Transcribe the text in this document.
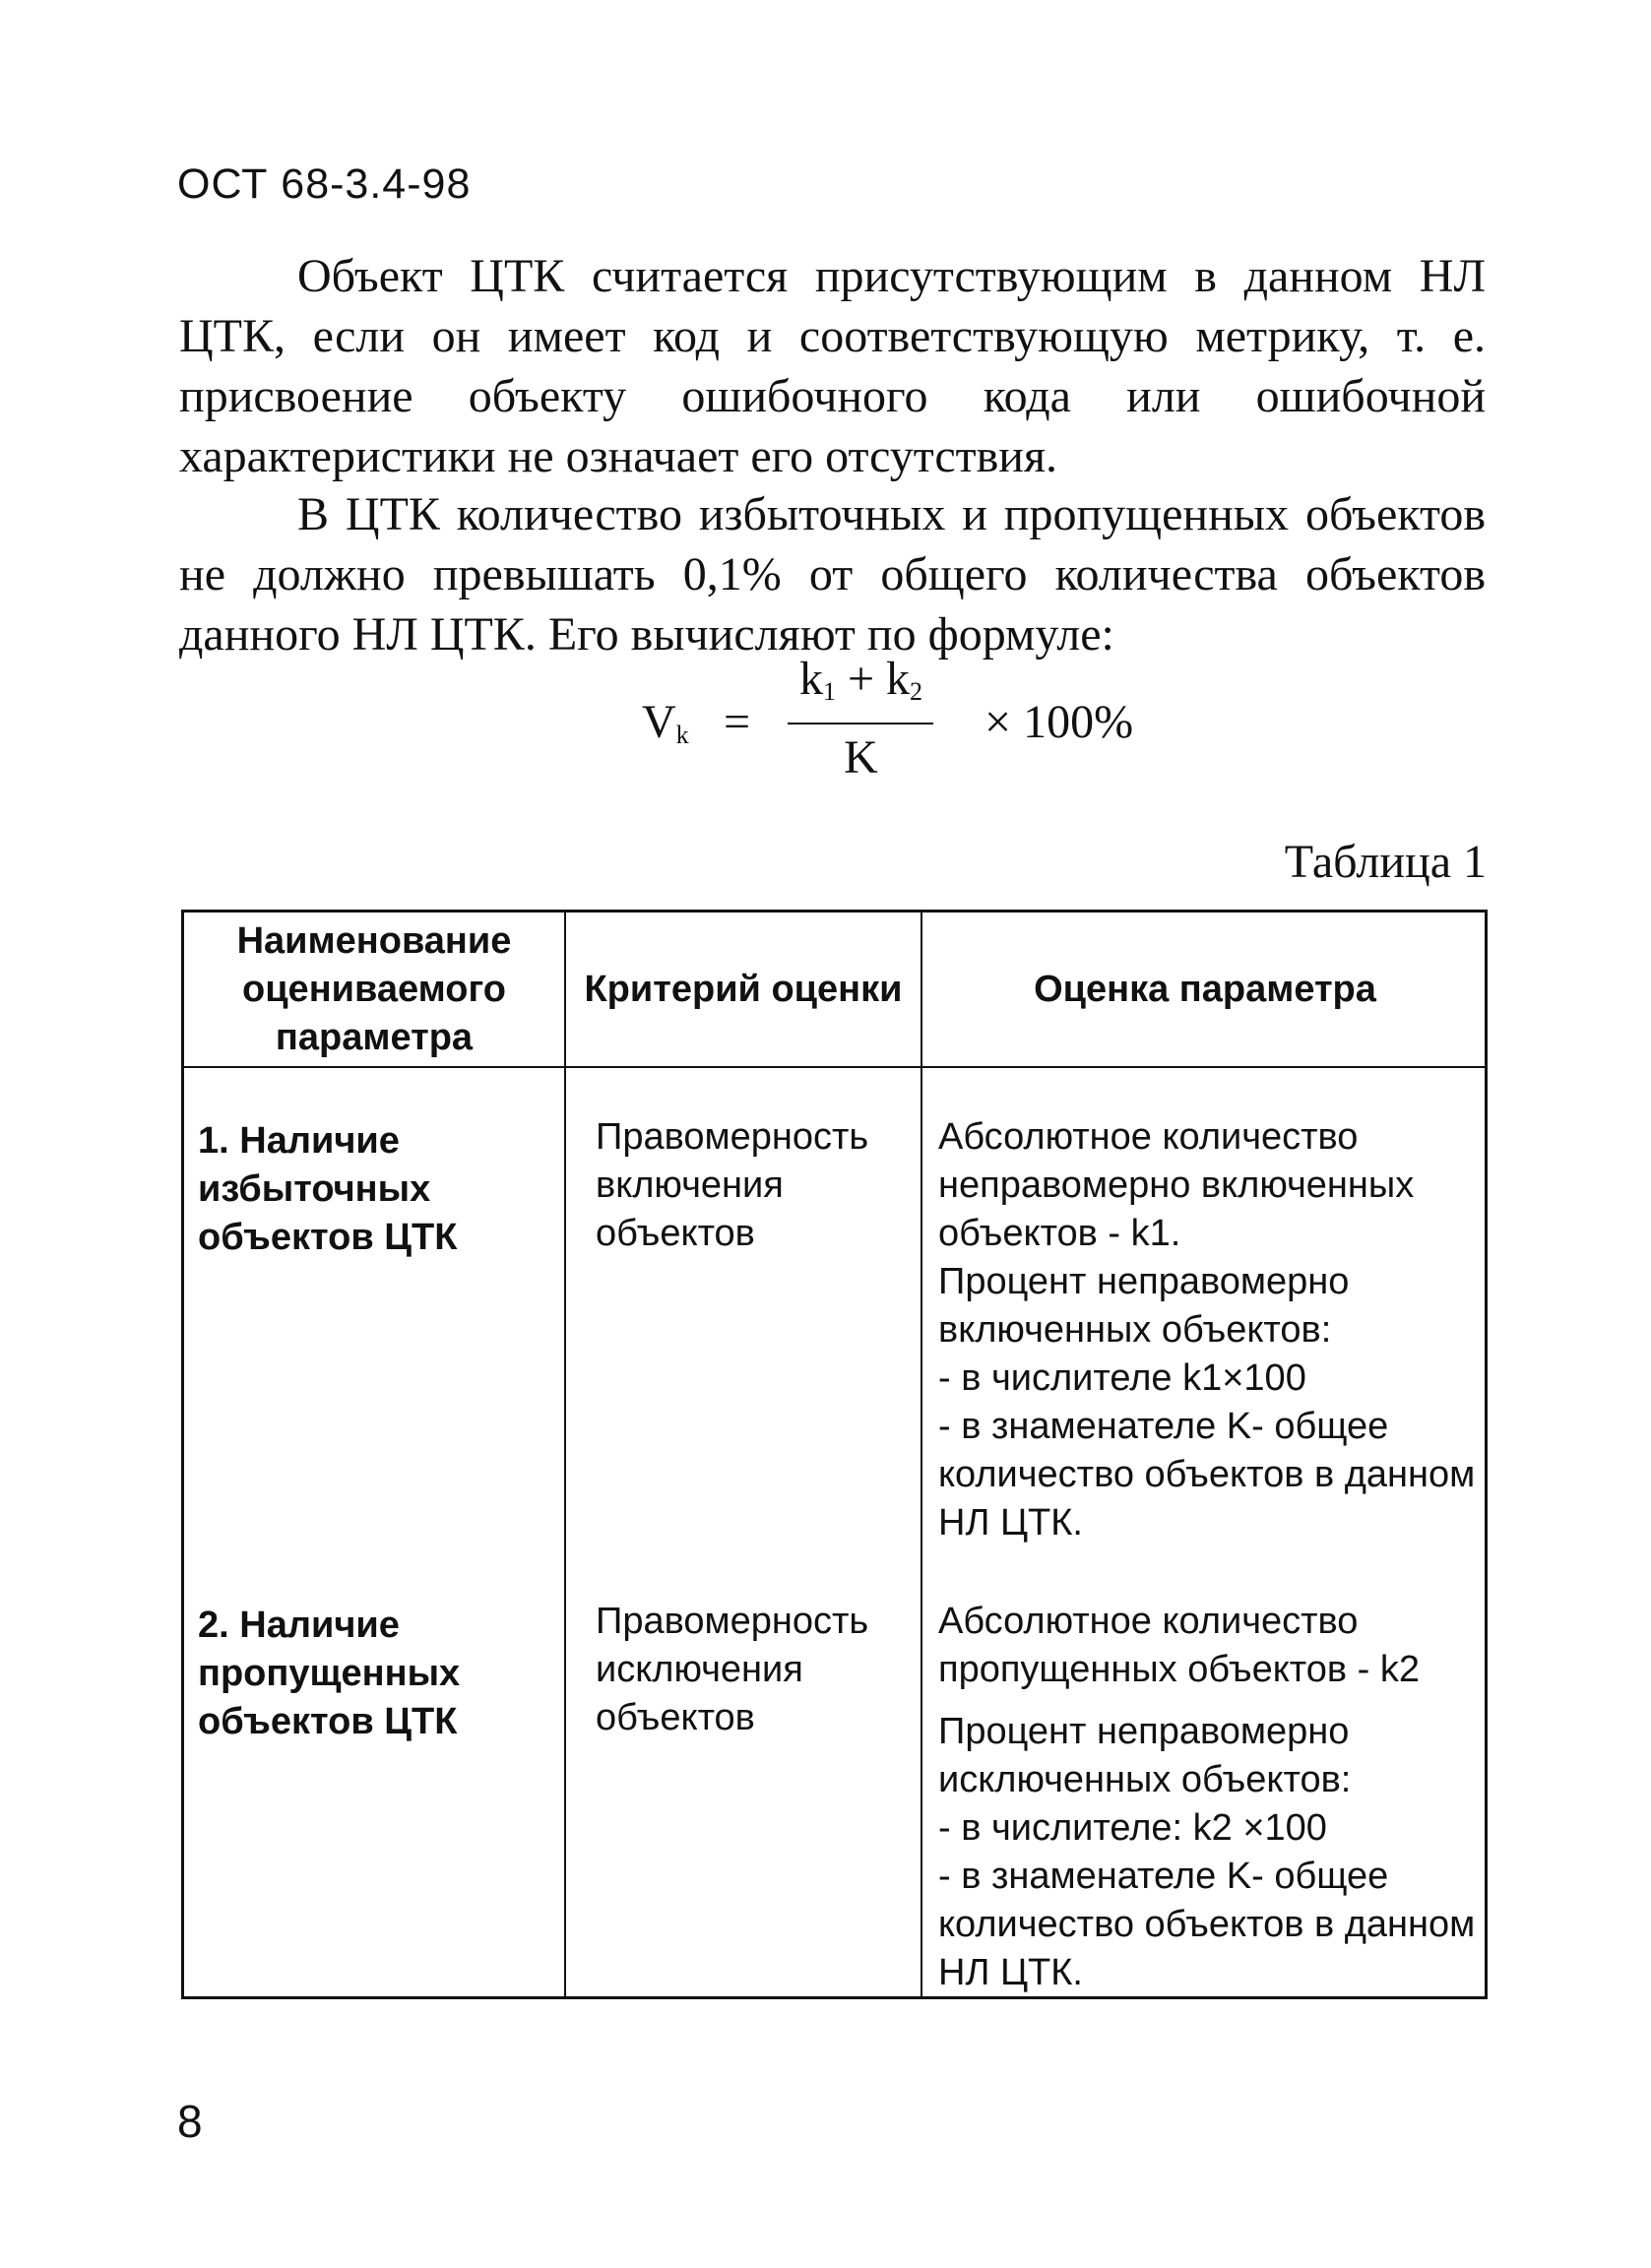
ОСТ 68-3.4-98
Объект ЦТК считается присутствующим в данном НЛ ЦТК, если он имеет код и соответствующую метрику, т. е. присвоение объекту ошибочного кода или ошибочной характеристики не означает его отсутствия.
В ЦТК количество избыточных и пропущенных объектов не должно превышать 0,1% от общего количества объектов данного НЛ ЦТК. Его вычисляют по формуле:
$V_k$ =
$k_1 + k_2$
K
× 100%
Таблица 1
Наименование оцениваемого параметра
Критерий оценки	Оценка параметра
1. Наличие избыточных объектов ЦТК
Правомерность включения объектов
Абсолютное количество неправомерно включенных объектов - k1.
Процент неправомерно включенных объектов:
- в числителе k1×100
- в знаменателе K- общее количество объектов в данном НЛ ЦТК.
2. Наличие пропущенных объектов ЦТК
Правомерность исключения объектов
Абсолютное количество пропущенных объектов - k2
Процент неправомерно исключенных объектов:
- в числителе: k2 ×100
- в знаменателе K- общее количество объектов в данном НЛ ЦТК.
8
